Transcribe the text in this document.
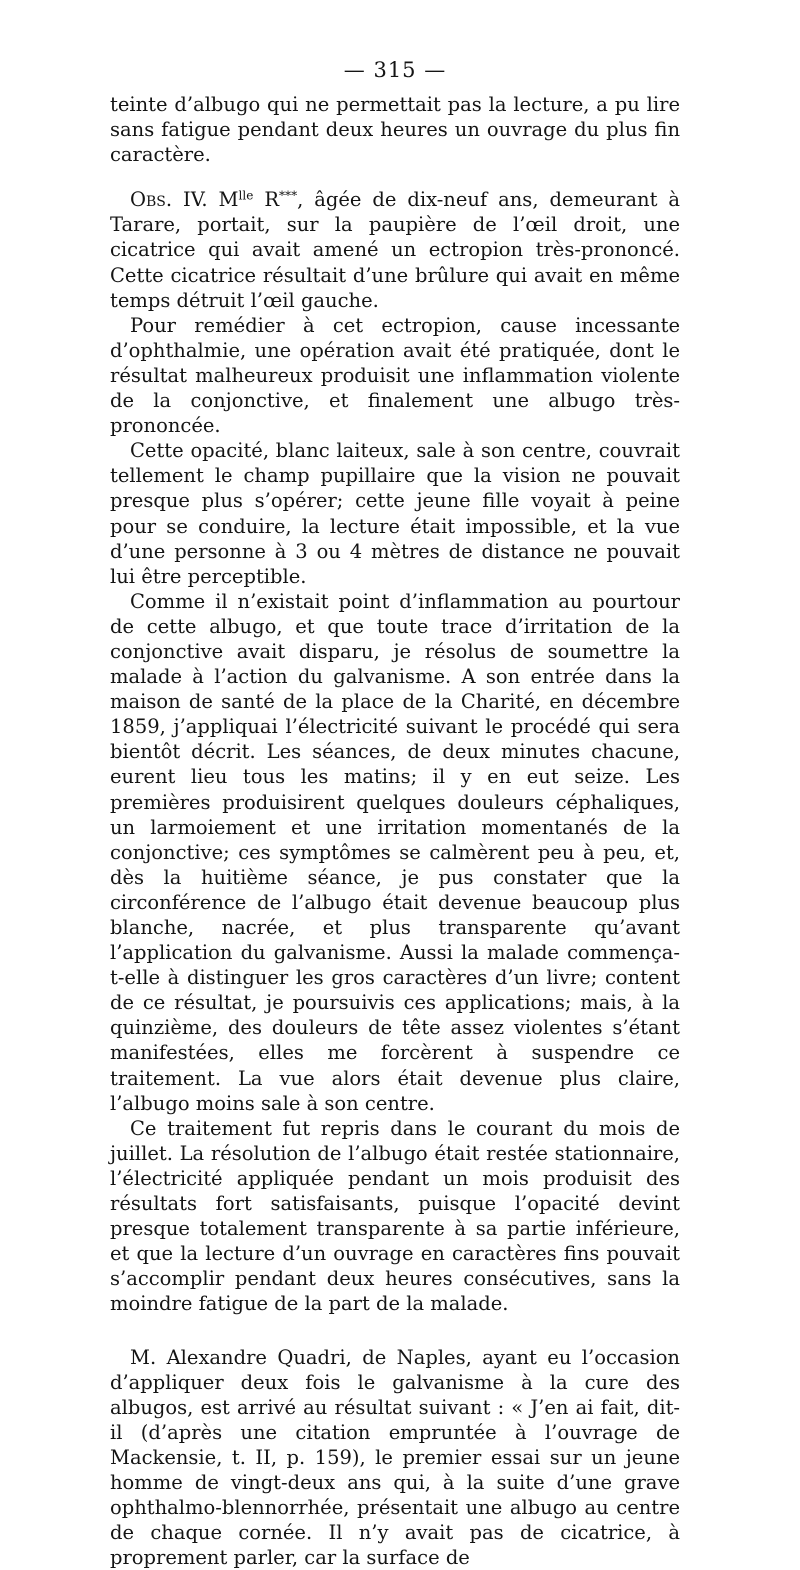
— 315 —

teinte d’albugo qui ne permettait pas la lecture, a pu lire sans fatigue pendant deux heures un ouvrage du plus fin caractère.

Obs. IV. $M^{lle}$ R***, âgée de dix-neuf ans, demeurant à Tarare, portait, sur la paupière de l’œil droit, une cicatrice qui avait amené un ectropion très-prononcé. Cette cicatrice résultait d’une brûlure qui avait en même temps détruit l’œil gauche.

Pour remédier à cet ectropion, cause incessante d’ophthalmie, une opération avait été pratiquée, dont le résultat malheureux produisit une inflammation violente de la conjonctive, et finalement une albugo très-prononcée.

Cette opacité, blanc laiteux, sale à son centre, couvrait tellement le champ pupillaire que la vision ne pouvait presque plus s’opérer; cette jeune fille voyait à peine pour se conduire, la lecture était impossible, et la vue d’une personne à 3 ou 4 mètres de distance ne pouvait lui être perceptible.

Comme il n’existait point d’inflammation au pourtour de cette albugo, et que toute trace d’irritation de la conjonctive avait disparu, je résolus de soumettre la malade à l’action du galvanisme. A son entrée dans la maison de santé de la place de la Charité, en décembre 1859, j’appliquai l’électricité suivant le procédé qui sera bientôt décrit. Les séances, de deux minutes chacune, eurent lieu tous les matins; il y en eut seize. Les premières produisirent quelques douleurs céphaliques, un larmoiement et une irritation momentanés de la conjonctive; ces symptômes se calmèrent peu à peu, et, dès la huitième séance, je pus constater que la circonférence de l’albugo était devenue beaucoup plus blanche, nacrée, et plus transparente qu’avant l’application du galvanisme. Aussi la malade commença-t-elle à distinguer les gros caractères d’un livre; content de ce résultat, je poursuivis ces applications; mais, à la quinzième, des douleurs de tête assez violentes s’étant manifestées, elles me forcèrent à suspendre ce traitement. La vue alors était devenue plus claire, l’albugo moins sale à son centre.

Ce traitement fut repris dans le courant du mois de juillet. La résolution de l’albugo était restée stationnaire, l’électricité appliquée pendant un mois produisit des résultats fort satisfaisants, puisque l’opacité devint presque totalement transparente à sa partie inférieure, et que la lecture d’un ouvrage en caractères fins pouvait s’accomplir pendant deux heures consécutives, sans la moindre fatigue de la part de la malade.

M. Alexandre Quadri, de Naples, ayant eu l’occasion d’appliquer deux fois le galvanisme à la cure des albugos, est arrivé au résultat suivant : « J’en ai fait, dit-il (d’après une citation empruntée à l’ouvrage de Mackensie, t. II, p. 159), le premier essai sur un jeune homme de vingt-deux ans qui, à la suite d’une grave ophthalmo-blennorrhée, présentait une albugo au centre de chaque cornée. Il n’y avait pas de cicatrice, à proprement parler, car la surface de
